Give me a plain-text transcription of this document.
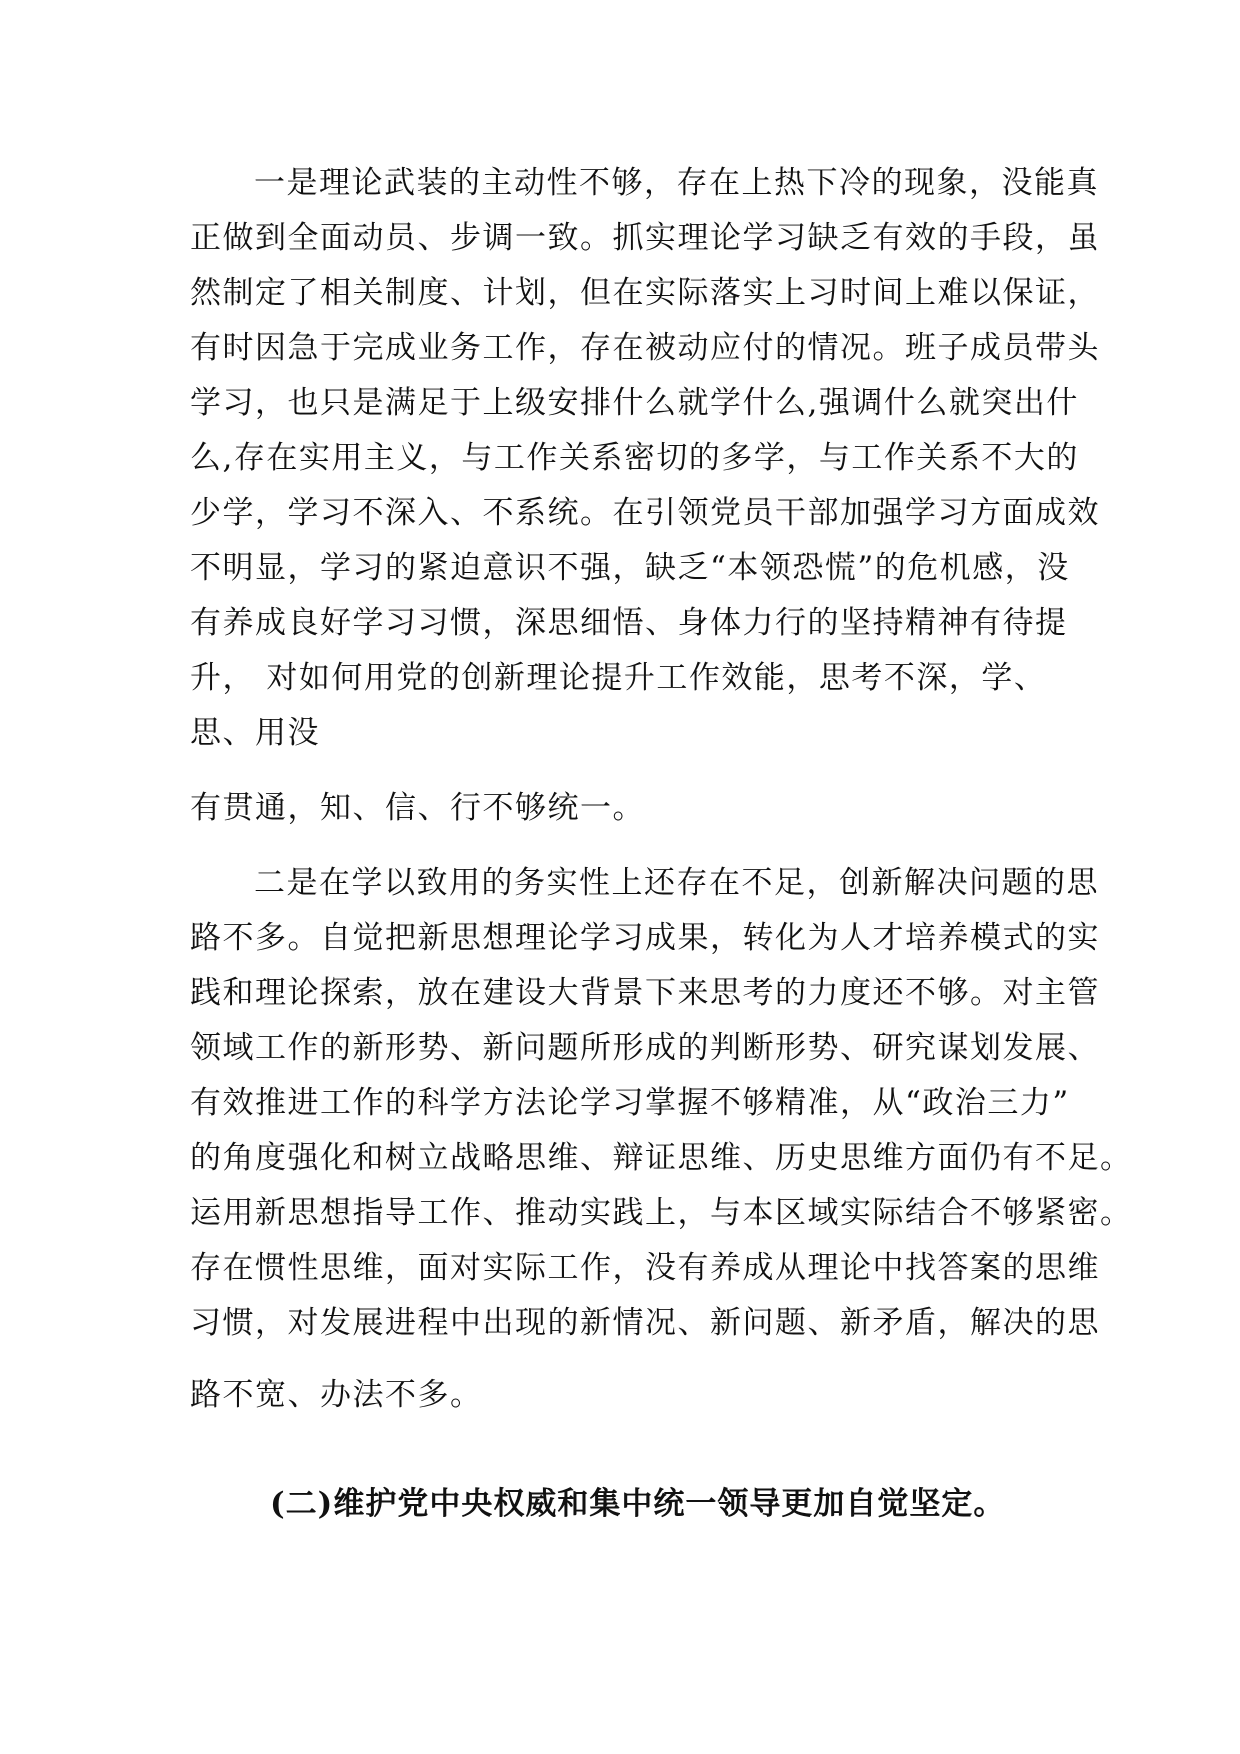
一是理论武装的主动性不够，存在上热下冷的现象，没能真
正做到全面动员、步调一致。抓实理论学习缺乏有效的手段，虽
然制定了相关制度、计划，但在实际落实上习时间上难以保证，
有时因急于完成业务工作，存在被动应付的情况。班子成员带头
学习，也只是满足于上级安排什么就学什么,强调什么就突出什
么,存在实用主义，与工作关系密切的多学，与工作关系不大的
少学，学习不深入、不系统。在引领党员干部加强学习方面成效
不明显，学习的紧迫意识不强，缺乏“本领恐慌”的危机感，没
有养成良好学习习惯，深思细悟、身体力行的坚持精神有待提
升， 对如何用党的创新理论提升工作效能，思考不深，学、
思、用没
有贯通，知、信、行不够统一。
二是在学以致用的务实性上还存在不足，创新解决问题的思
路不多。自觉把新思想理论学习成果，转化为人才培养模式的实
践和理论探索，放在建设大背景下来思考的力度还不够。对主管
领域工作的新形势、新问题所形成的判断形势、研究谋划发展、
有效推进工作的科学方法论学习掌握不够精准，从“政治三力”
的角度强化和树立战略思维、辩证思维、历史思维方面仍有不足。
运用新思想指导工作、推动实践上，与本区域实际结合不够紧密。
存在惯性思维，面对实际工作，没有养成从理论中找答案的思维
习惯，对发展进程中出现的新情况、新问题、新矛盾，解决的思
路不宽、办法不多。
(二)维护党中央权威和集中统一领导更加自觉坚定。
